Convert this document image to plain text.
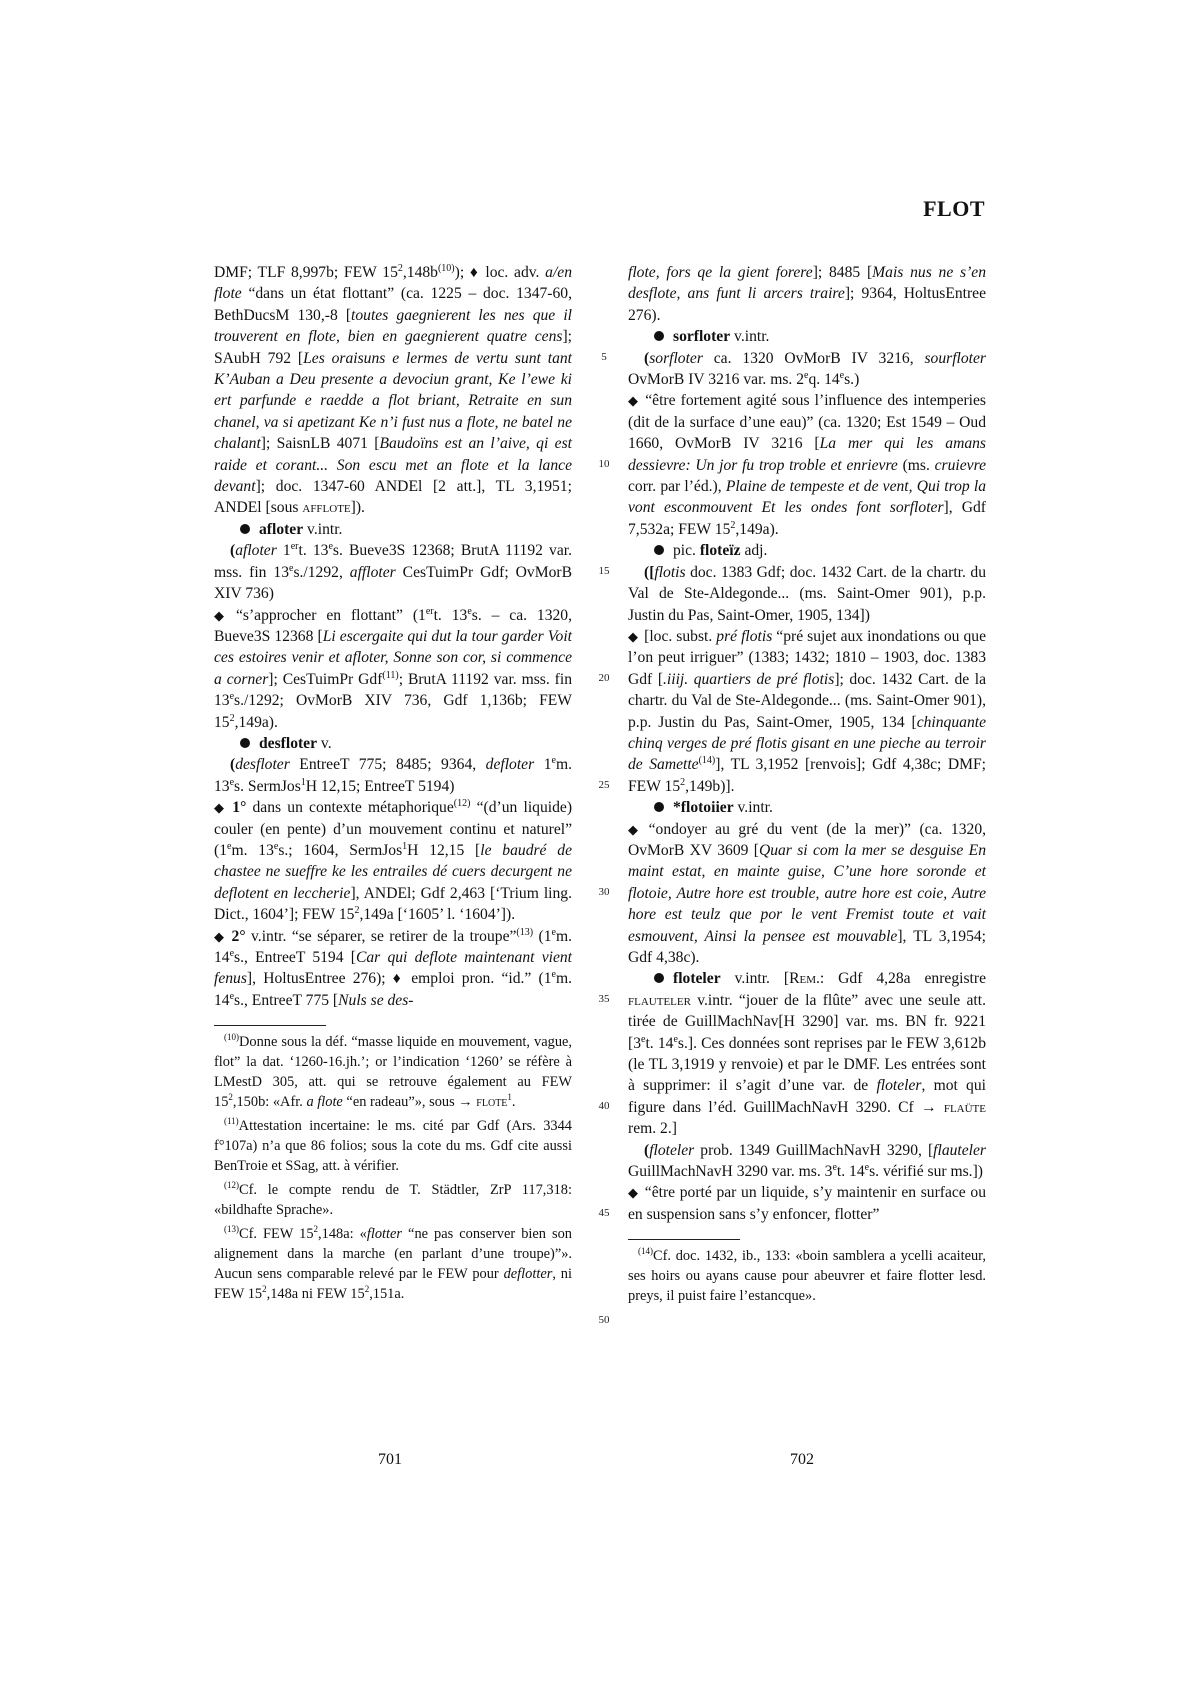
FLOT

DMF; TLF 8,997b; FEW $15^2,148b^{(10)}$); ♦ loc. adv. a/en flote “dans un état flottant” (ca. 1225 – doc. 1347-60, BethDucsM 130,-8 [toutes gaegnierent les nes que il trouverent en flote, bien en gaegnierent quatre cens]; SAubH 792 [Les oraisuns e lermes de vertu sunt tant K’Auban a Deu presente a devociun grant, Ke l’ewe ki ert parfunde e raedde a flot briant, Retraite en sun chanel, va si apetizant Ke n’i fust nus a flote, ne batel ne chalant]; SaisnLB 4071 [Baudoïns est an l’aive, qi est raide et corant... Son escu met an flote et la lance devant]; doc. 1347-60 ANDEl [2 att.], TL 3,1951; ANDEl [sous afflote]).

afloter v.intr.

(afloter 1ert. 13es. Bueve3S 12368; BrutA 11192 var. mss. fin 13es./1292, affloter CesTuimPr Gdf; OvMorB XIV 736)

◆ “s’approcher en flottant” (1ert. 13es. – ca. 1320, Bueve3S 12368 [Li escergaite qui dut la tour garder Voit ces estoires venir et afloter, Sonne son cor, si commence a corner]; CesTuimPr Gdf$^{(11)}$; BrutA 11192 var. mss. fin 13es./1292; OvMorB XIV 736, Gdf 1,136b; FEW $15^2,149a$).

desfloter v.

(desfloter EntreeT 775; 8485; 9364, defloter 1em. 13es. SermJos$^1$H 12,15; EntreeT 5194)

◆ 1° dans un contexte métaphorique$^{(12)}$ “(d’un liquide) couler (en pente) d’un mouvement continu et naturel” (1em. 13es.; 1604, SermJos$^1$H 12,15 [le baudré de chastee ne sueffre ke les entrailes dé cuers decurgent ne deflotent en leccherie], ANDEl; Gdf 2,463 [‘Trium ling. Dict., 1604’]; FEW $15^2,149a$ [‘1605’ l. ‘1604’]).

◆ 2° v.intr. “se séparer, se retirer de la troupe”$^{(13)}$ (1em. 14es., EntreeT 5194 [Car qui deflote maintenant vient fenus], HoltusEntree 276); ♦ emploi pron. “id.” (1em. 14es., EntreeT 775 [Nuls se des-

$^{(10)}$Donne sous la déf. “masse liquide en mouvement, vague, flot” la dat. ‘1260-16.jh.’; or l’indication ‘1260’ se réfère à LMestD 305, att. qui se retrouve également au FEW $15^2,150b$: «Afr. a flote “en radeau”», sous → flote$^1$.

$^{(11)}$Attestation incertaine: le ms. cité par Gdf (Ars. 3344 f°107a) n’a que 86 folios; sous la cote du ms. Gdf cite aussi BenTroie et SSag, att. à vérifier.

$^{(12)}$Cf. le compte rendu de T. Städtler, ZrP 117,318: «bildhafte Sprache».

$^{(13)}$Cf. FEW $15^2,148a$: «flotter “ne pas conserver bien son alignement dans la marche (en parlant d’une troupe)”». Aucun sens comparable relevé par le FEW pour deflotter, ni FEW $15^2,148a$ ni FEW $15^2,151a$.

5
10
15
20
25
30
35
40
45
50

flote, fors qe la gient forere]; 8485 [Mais nus ne s’en desflote, ans funt li arcers traire]; 9364, HoltusEntree 276).

sorfloter v.intr.

(sorfloter ca. 1320 OvMorB IV 3216, sourfloter OvMorB IV 3216 var. ms. 2eq. 14es.)

◆ “être fortement agité sous l’influence des intemperies (dit de la surface d’une eau)” (ca. 1320; Est 1549 – Oud 1660, OvMorB IV 3216 [La mer qui les amans dessievre: Un jor fu trop troble et enrievre (ms. cruievre corr. par l’éd.), Plaine de tempeste et de vent, Qui trop la vont esconmouvent Et les ondes font sorfloter], Gdf 7,532a; FEW $15^2,149a$).

pic. floteïz adj.

([flotis doc. 1383 Gdf; doc. 1432 Cart. de la chartr. du Val de Ste-Aldegonde... (ms. Saint-Omer 901), p.p. Justin du Pas, Saint-Omer, 1905, 134])

◆ [loc. subst. pré flotis “pré sujet aux inondations ou que l’on peut irriguer” (1383; 1432; 1810 – 1903, doc. 1383 Gdf [.iiij. quartiers de pré flotis]; doc. 1432 Cart. de la chartr. du Val de Ste-Aldegonde... (ms. Saint-Omer 901), p.p. Justin du Pas, Saint-Omer, 1905, 134 [chinquante chinq verges de pré flotis gisant en une pieche au terroir de Samette$^{(14)}$], TL 3,1952 [renvois]; Gdf 4,38c; DMF; FEW $15^2,149b$)].

*flotoiier v.intr.

◆ “ondoyer au gré du vent (de la mer)” (ca. 1320, OvMorB XV 3609 [Quar si com la mer se desguise En maint estat, en mainte guise, C’une hore soronde et flotoie, Autre hore est trouble, autre hore est coie, Autre hore est teulz que por le vent Fremist toute et vait esmouvent, Ainsi la pensee est mouvable], TL 3,1954; Gdf 4,38c).

floteler v.intr. [Rem.: Gdf 4,28a enregistre flauteler v.intr. “jouer de la flûte” avec une seule att. tirée de GuillMachNav[H 3290] var. ms. BN fr. 9221 [3et. 14es.]. Ces données sont reprises par le FEW 3,612b (le TL 3,1919 y renvoie) et par le DMF. Les entrées sont à supprimer: il s’agit d’une var. de floteler, mot qui figure dans l’éd. GuillMachNavH 3290. Cf → flaüte rem. 2.]

(floteler prob. 1349 GuillMachNavH 3290, [flauteler GuillMachNavH 3290 var. ms. 3et. 14es. vérifié sur ms.])

◆ “être porté par un liquide, s’y maintenir en surface ou en suspension sans s’y enfoncer, flotter”

$^{(14)}$Cf. doc. 1432, ib., 133: «boin samblera a ycelli acaiteur, ses hoirs ou ayans cause pour abeuvrer et faire flotter lesd. preys, il puist faire l’estancque».

701	702
